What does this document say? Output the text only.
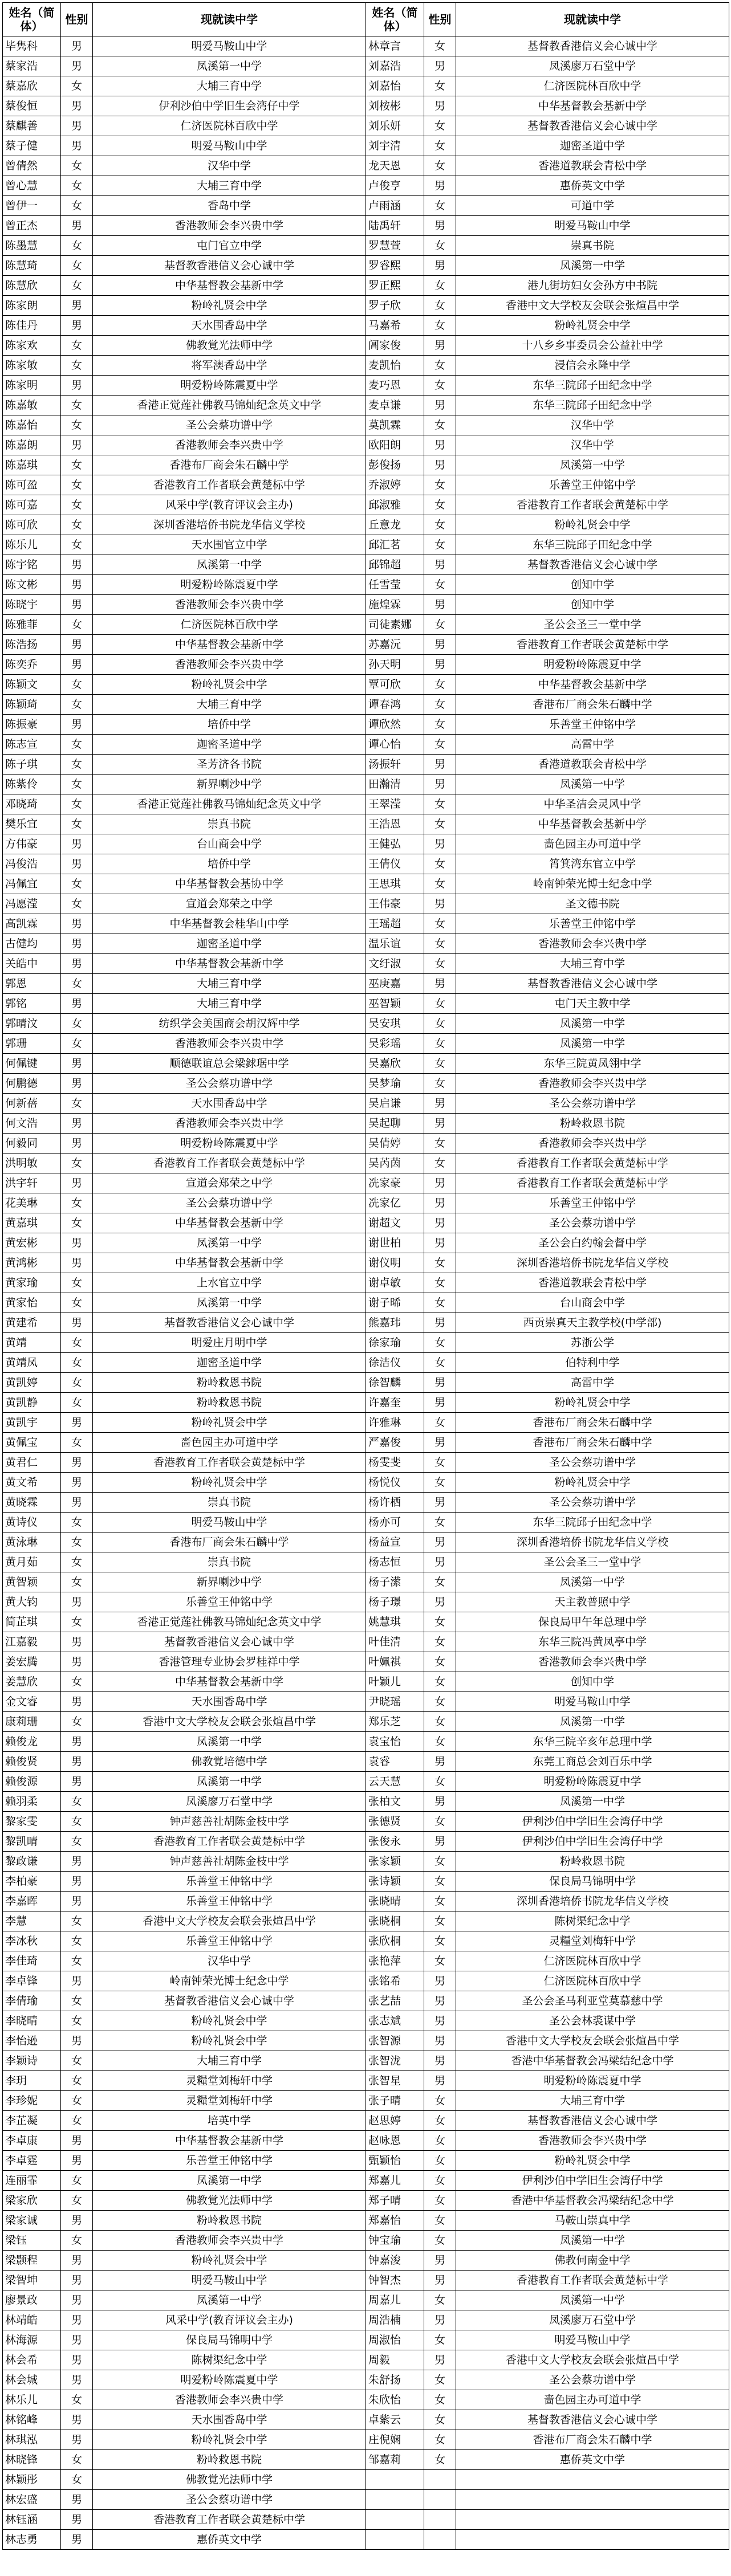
姓名（简体）	性别	现就读中学	姓名（简体）	性别	现就读中学
毕隽科	男	明爱马鞍山中学	林章言	女	基督教香港信义会心诚中学
蔡家浩	男	凤溪第一中学	刘嘉浩	男	凤溪廖万石堂中学
蔡嘉欣	女	大埔三育中学	刘嘉怡	女	仁济医院林百欣中学
蔡俊恒	男	伊利沙伯中学旧生会湾仔中学	刘桉彬	男	中华基督教会基新中学
蔡麒善	男	仁济医院林百欣中学	刘乐妍	女	基督教香港信义会心诚中学
蔡子健	男	明爱马鞍山中学	刘宇清	女	迦密圣道中学
曾倩然	女	汉华中学	龙天恩	女	香港道教联会青松中学
曾心慧	女	大埔三育中学	卢俊亨	男	惠侨英文中学
曾伊一	女	香岛中学	卢雨涵	女	可道中学
曾正杰	男	香港教师会李兴贵中学	陆禹轩	男	明爱马鞍山中学
陈墨慧	女	屯门官立中学	罗慧萱	女	崇真书院
陈慧琦	女	基督教香港信义会心诚中学	罗睿熙	男	凤溪第一中学
陈慧欣	女	中华基督教会基新中学	罗正熙	女	港九街坊妇女会孙方中书院
陈家朗	男	粉岭礼贤会中学	罗子欣	女	香港中文大学校友会联会张煊昌中学
陈佳丹	男	天水围香岛中学	马嘉希	女	粉岭礼贤会中学
陈家欢	女	佛教覚光法师中学	阊家俊	男	十八乡乡事委员会公益社中学
陈家敏	女	将军澳香岛中学	麦凯怡	女	浸信会永隆中学
陈家明	男	明爱粉岭陈震夏中学	麦巧恩	女	东华三院邱子田纪念中学
陈嘉敏	女	香港正觉莲社佛教马锦灿纪念英文中学	麦卓谦	男	东华三院邱子田纪念中学
陈嘉怡	女	圣公会蔡功谱中学	莫凯霖	女	汉华中学
陈嘉朗	男	香港教师会李兴贵中学	欧阳朗	男	汉华中学
陈嘉琪	女	香港布厂商会朱石麟中学	彭俊扬	男	凤溪第一中学
陈可盈	女	香港教育工作者联会黄楚标中学	乔淑婷	女	乐善堂王仲铭中学
陈可嘉	女	风采中学(教育评议会主办)	邱淑雅	女	香港教育工作者联会黄楚标中学
陈可欣	女	深圳香港培侨书院龙华信义学校	丘意龙	女	粉岭礼贤会中学
陈乐儿	女	天水围官立中学	邱汇茗	女	东华三院邱子田纪念中学
陈宇铭	男	凤溪第一中学	邱锦超	男	基督教香港信义会心诚中学
陈文彬	男	明爱粉岭陈震夏中学	任雪莹	女	创知中学
陈晓宇	男	香港教师会李兴贵中学	施煌霖	男	创知中学
陈雅菲	女	仁济医院林百欣中学	司徒素娜	女	圣公会圣三一堂中学
陈浩扬	男	中华基督教会基新中学	苏嘉沅	男	香港教育工作者联会黄楚标中学
陈奕乔	男	香港教师会李兴贵中学	孙天明	男	明爱粉岭陈震夏中学
陈颖文	女	粉岭礼贤会中学	覃可欣	女	中华基督教会基新中学
陈颖琦	女	大埔三育中学	谭春鸿	女	香港布厂商会朱石麟中学
陈振豪	男	培侨中学	谭欣然	女	乐善堂王仲铭中学
陈志宣	女	迦密圣道中学	谭心怡	女	高雷中学
陈子琪	女	圣芳济各书院	汤振轩	男	香港道教联会青松中学
陈紫伶	女	新界喇沙中学	田瀚清	男	凤溪第一中学
邓晓琦	女	香港正觉莲社佛教马锦灿纪念英文中学	王翠滢	女	中华圣洁会灵风中学
樊乐宜	女	崇真书院	王浩恩	女	中华基督教会基新中学
方伟豪	男	台山商会中学	王健弘	男	啬色园主办可道中学
冯俊浩	男	培侨中学	王倩仪	女	筲箕湾东官立中学
冯佩宜	女	中华基督教会基协中学	王思琪	女	岭南钟荣光博士纪念中学
冯愿滢	女	宣道会郑荣之中学	王伟豪	男	圣文德书院
高凯霖	男	中华基督教会桂华山中学	王瑶超	女	乐善堂王仲铭中学
古健均	男	迦密圣道中学	温乐谊	女	香港教师会李兴贵中学
关皓中	男	中华基督教会基新中学	文纡淑	女	大埔三育中学
郭恩	女	大埔三育中学	巫庚嘉	男	基督教香港信义会心诚中学
郭铭	男	大埔三育中学	巫智颖	女	屯门天主教中学
郭晴汶	女	纺织学会美国商会胡汉辉中学	吴安琪	女	凤溪第一中学
郭珊	女	香港教师会李兴贵中学	吴彩瑶	女	凤溪第一中学
何佩键	男	顺德联谊总会梁銶琚中学	吴嘉欣	女	东华三院黄凤翎中学
何鹏德	男	圣公会蔡功谱中学	吴梦瑜	女	香港教师会李兴贵中学
何新蓓	女	天水围香岛中学	吴启谦	男	圣公会蔡功谱中学
何文浩	男	香港教师会李兴贵中学	吴起聊	男	粉岭救恩书院
何毅同	男	明爱粉岭陈震夏中学	吴倩婷	女	香港教师会李兴贵中学
洪明敏	女	香港教育工作者联会黄楚标中学	吴芮茵	女	香港教育工作者联会黄楚标中学
洪宇轩	男	宣道会郑荣之中学	冼家豪	男	香港教育工作者联会黄楚标中学
花美琳	女	圣公会蔡功谱中学	冼家亿	男	乐善堂王仲铭中学
黄嘉琪	女	中华基督教会基新中学	谢超文	男	圣公会蔡功谱中学
黄宏彬	男	凤溪第一中学	谢世柏	男	圣公会白约翰会督中学
黄鸿彬	男	中华基督教会基新中学	谢仪明	女	深圳香港培侨书院龙华信义学校
黄家瑜	女	上水官立中学	谢卓敏	女	香港道教联会青松中学
黄家怡	女	凤溪第一中学	谢子晞	女	台山商会中学
黄建希	男	基督教香港信义会心诚中学	熊嘉玮	男	西贡崇真天主教学校(中学部)
黄靖	女	明爱庄月明中学	徐家瑜	女	苏浙公学
黄靖凤	女	迦密圣道中学	徐洁仪	女	伯特利中学
黄凯婷	女	粉岭救恩书院	徐智麟	男	高雷中学
黄凯静	女	粉岭救恩书院	许嘉奎	男	粉岭礼贤会中学
黄凯宇	男	粉岭礼贤会中学	许雅琳	女	香港布厂商会朱石麟中学
黄佩宝	女	嗇色园主办可道中学	严嘉俊	男	香港布厂商会朱石麟中学
黄君仁	男	香港教育工作者联会黄楚标中学	杨雯斐	女	圣公会蔡功谱中学
黄文希	男	粉岭礼贤会中学	杨悦仪	女	粉岭礼贤会中学
黄晓霖	男	崇真书院	杨许栖	男	圣公会蔡功谱中学
黄诗仪	女	明爱马鞍山中学	杨亦可	女	东华三院邱子田纪念中学
黄泳琳	女	香港布厂商会朱石麟中学	杨益宣	男	深圳香港培侨书院龙华信义学校
黄月茹	女	崇真书院	杨志恒	男	圣公会圣三一堂中学
黄智颖	女	新界喇沙中学	杨子潆	女	凤溪第一中学
黄大钧	男	乐善堂王仲铭中学	杨子璟	男	天主教普照中学
简芷琪	女	香港正觉莲社佛教马锦灿纪念英文中学	姚慧琪	女	保良局甲午年总理中学
江嘉毅	男	基督教香港信义会心诚中学	叶佳清	女	东华三院冯黄凤亭中学
姜宏腾	男	香港管理专业协会罗桂祥中学	叶姵祺	女	香港教师会李兴贵中学
姜慧欣	女	中华基督教会基新中学	叶颖儿	女	创知中学
金文睿	男	天水围香岛中学	尹晓瑶	女	明爱马鞍山中学
康莉珊	女	香港中文大学校友会联会张煊昌中学	郑乐芝	女	凤溪第一中学
赖俊龙	男	凤溪第一中学	袁宝怡	女	东华三院辛亥年总理中学
赖俊贤	男	佛教覚培德中学	袁睿	男	东莞工商总会刘百乐中学
赖俊源	男	凤溪第一中学	云天慧	女	明爱粉岭陈震夏中学
赖羽柔	女	凤溪廖万石堂中学	张柏文	男	凤溪第一中学
黎家雯	女	钟声慈善社胡陈金枝中学	张德贤	女	伊利沙伯中学旧生会湾仔中学
黎凯晴	女	香港教育工作者联会黄楚标中学	张俊永	男	伊利沙伯中学旧生会湾仔中学
黎政谦	男	钟声慈善社胡陈金枝中学	张家颖	女	粉岭救恩书院
李柏豪	男	乐善堂王仲铭中学	张诗颖	女	保良局马锦明中学
李嘉晖	男	乐善堂王仲铭中学	张晓晴	女	深圳香港培侨书院龙华信义学校
李慧	女	香港中文大学校友会联会张煊昌中学	张晓桐	女	陈树渠纪念中学
李冰秋	女	乐善堂王仲铭中学	张欣桐	女	灵糧堂刘梅轩中学
李佳琦	女	汉华中学	张艳萍	女	仁济医院林百欣中学
李卓锋	男	岭南钟荣光博士纪念中学	张铭希	男	仁济医院林百欣中学
李倩瑜	女	基督教香港信义会心诚中学	张艺喆	男	圣公会圣马利亚堂莫慕慈中学
李晓晴	女	粉岭礼贤会中学	张志斌	男	圣公会林裘谋中学
李怡逊	男	粉岭礼贤会中学	张智源	男	香港中文大学校友会联会张煊昌中学
李颖诗	女	大埔三育中学	张智泷	男	香港中华基督教会冯梁结纪念中学
李玥	女	灵糧堂刘梅轩中学	张智星	男	明爱粉岭陈震夏中学
李珍妮	女	灵糧堂刘梅轩中学	张子晴	女	大埔三育中学
李芷凝	女	培英中学	赵思婷	女	基督教香港信义会心诚中学
李卓康	男	中华基督教会基新中学	赵咏恩	女	香港教师会李兴贵中学
李卓霆	男	乐善堂王仲铭中学	甄颖怡	女	粉岭礼贤会中学
连丽霏	女	凤溪第一中学	郑嘉儿	女	伊利沙伯中学旧生会湾仔中学
梁家欣	女	佛教覚光法师中学	郑子晴	女	香港中华基督教会冯梁结纪念中学
梁家诚	男	粉岭救恩书院	郑嘉怡	女	马鞍山崇真中学
梁钰	女	香港教师会李兴贵中学	钟宝瑜	女	凤溪第一中学
梁颢程	男	粉岭礼贤会中学	钟嘉浚	男	佛教何南金中学
梁智坤	男	明爱马鞍山中学	钟智杰	男	香港教育工作者联会黄楚标中学
廖景政	男	凤溪第一中学	周嘉儿	女	凤溪第一中学
林靖皓	男	风采中学(教育评议会主办)	周浩楠	男	凤溪廖万石堂中学
林海源	男	保良局马锦明中学	周淑怡	女	明爱马鞍山中学
林会希	男	陈树渠纪念中学	周毅	男	香港中文大学校友会联会张煊昌中学
林会城	男	明爱粉岭陈震夏中学	朱舒扬	女	圣公会蔡功谱中学
林乐儿	女	香港教师会李兴贵中学	朱欣怡	女	啬色园主办可道中学
林铭峰	男	天水围香岛中学	卓紫云	女	基督教香港信义会心诚中学
林琪泓	男	粉岭礼贤会中学	庄倪娴	女	香港布厂商会朱石麟中学
林晓锋	女	粉岭救恩书院	邹嘉莉	女	惠侨英文中学
林颖彤	女	佛教覚光法师中学			
林宏盛	男	圣公会蔡功谱中学			
林钰涵	男	香港教育工作者联会黄楚标中学			
林志勇	男	惠侨英文中学			
